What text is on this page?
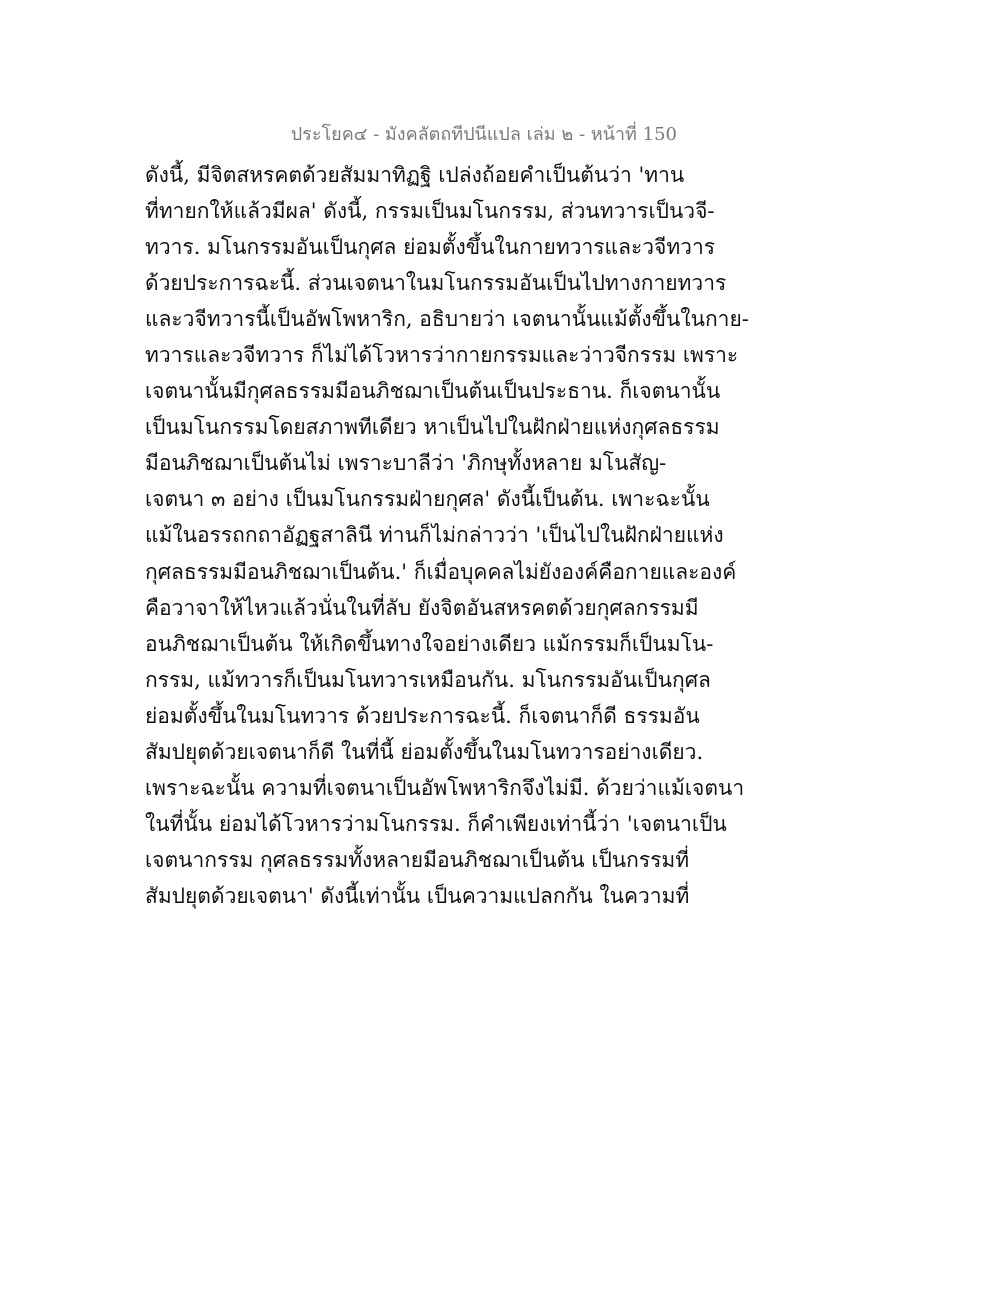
ประโยค๔ - มังคลัตถทีปนีแปล เล่ม ๒ - หน้าที่ 150
ดังนี้, มีจิตสหรคตด้วยสัมมาทิฏฐิ เปล่งถ้อยคำเป็นต้นว่า 'ทาน
ที่ทายกให้แล้วมีผล' ดังนี้, กรรมเป็นมโนกรรม, ส่วนทวารเป็นวจี-
ทวาร. มโนกรรมอันเป็นกุศล ย่อมตั้งขึ้นในกายทวารและวจีทวาร
ด้วยประการฉะนี้. ส่วนเจตนาในมโนกรรมอันเป็นไปทางกายทวาร
และวจีทวารนี้เป็นอัพโพหาริก, อธิบายว่า เจตนานั้นแม้ตั้งขึ้นในกาย-
ทวารและวจีทวาร ก็ไม่ได้โวหารว่ากายกรรมและว่าวจีกรรม เพราะ
เจตนานั้นมีกุศลธรรมมีอนภิชฌาเป็นต้นเป็นประธาน. ก็เจตนานั้น
เป็นมโนกรรมโดยสภาพทีเดียว หาเป็นไปในฝักฝ่ายแห่งกุศลธรรม
มีอนภิชฌาเป็นต้นไม่ เพราะบาลีว่า 'ภิกษุทั้งหลาย มโนสัญ-
เจตนา ๓ อย่าง เป็นมโนกรรมฝ่ายกุศล' ดังนี้เป็นต้น. เพาะฉะนั้น
แม้ในอรรถกถาอัฏฐสาลินี ท่านก็ไม่กล่าวว่า 'เป็นไปในฝักฝ่ายแห่ง
กุศลธรรมมีอนภิชฌาเป็นต้น.' ก็เมื่อบุคคลไม่ยังองค์คือกายและองค์
คือวาจาให้ไหวแล้วนั่นในที่ลับ ยังจิตอันสหรคตด้วยกุศลกรรมมี
อนภิชฌาเป็นต้น ให้เกิดขึ้นทางใจอย่างเดียว แม้กรรมก็เป็นมโน-
กรรม, แม้ทวารก็เป็นมโนทวารเหมือนกัน. มโนกรรมอันเป็นกุศล
ย่อมตั้งขึ้นในมโนทวาร ด้วยประการฉะนี้. ก็เจตนาก็ดี ธรรมอัน
สัมปยุตด้วยเจตนาก็ดี ในที่นี้ ย่อมตั้งขึ้นในมโนทวารอย่างเดียว.
เพราะฉะนั้น ความที่เจตนาเป็นอัพโพหาริกจึงไม่มี. ด้วยว่าแม้เจตนา
ในที่นั้น ย่อมได้โวหารว่ามโนกรรม. ก็คำเพียงเท่านี้ว่า 'เจตนาเป็น
เจตนากรรม กุศลธรรมทั้งหลายมีอนภิชฌาเป็นต้น เป็นกรรมที่
สัมปยุตด้วยเจตนา' ดังนี้เท่านั้น เป็นความแปลกกัน ในความที่
